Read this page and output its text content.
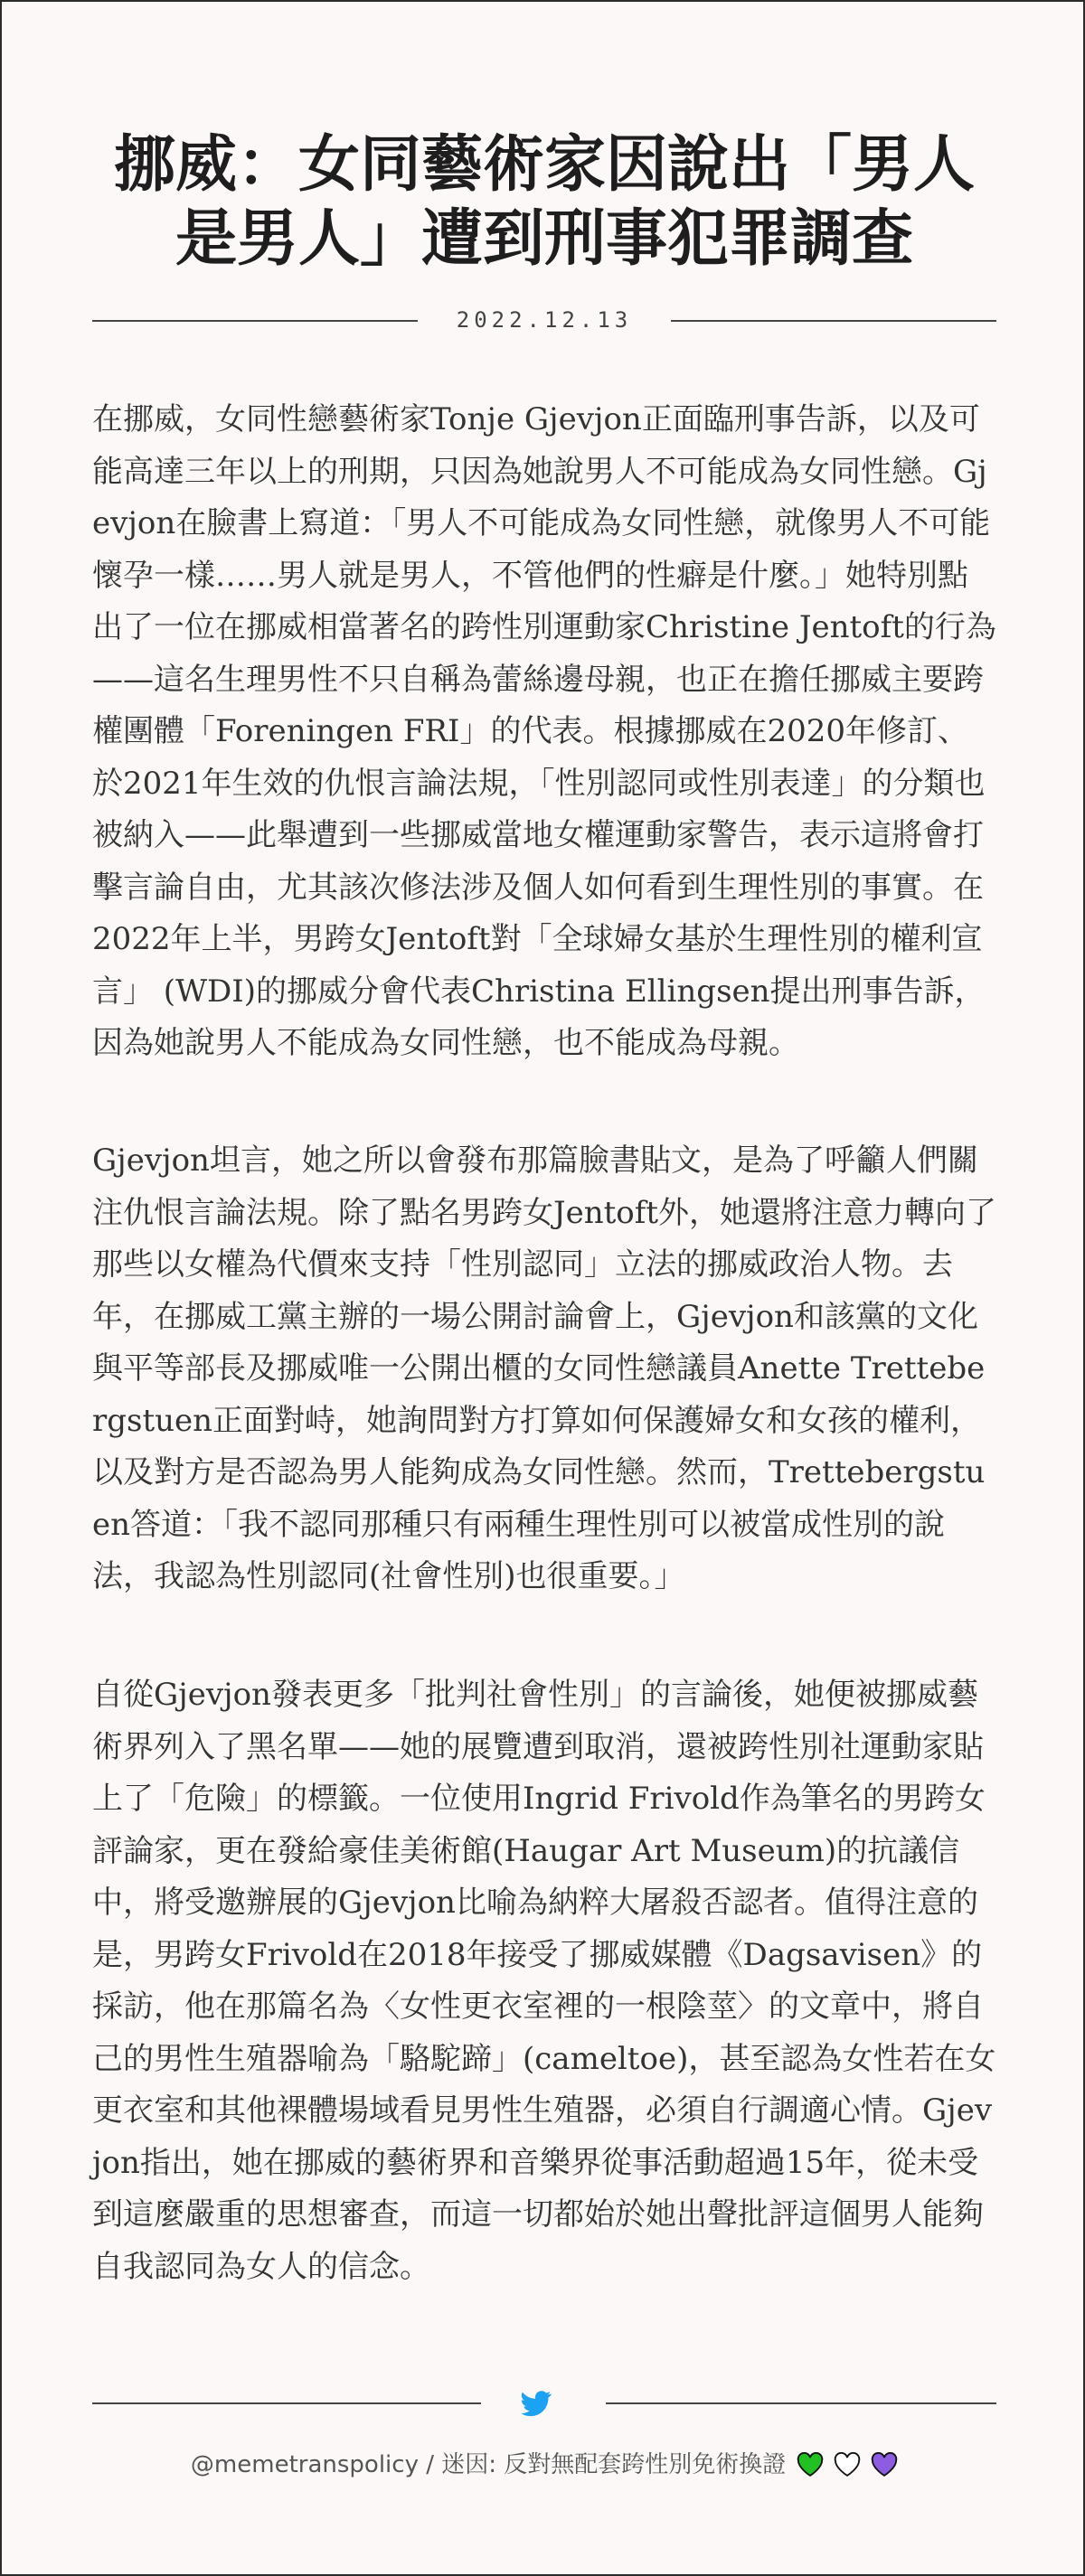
挪威：女同藝術家因說出「男人是男人」遭到刑事犯罪調查
2022.12.13

在挪威，女同性戀藝術家Tonje Gjevjon正面臨刑事告訴，以及可能高達三年以上的刑期，只因為她說男人不可能成為女同性戀。Gjevjon在臉書上寫道：「男人不可能成為女同性戀，就像男人不可能懷孕一樣……男人就是男人，不管他們的性癖是什麼。」她特別點出了一位在挪威相當著名的跨性別運動家Christine Jentoft的行為——這名生理男性不只自稱為蕾絲邊母親，也正在擔任挪威主要跨權團體「Foreningen FRI」的代表。根據挪威在2020年修訂、於2021年生效的仇恨言論法規，「性別認同或性別表達」的分類也被納入——此舉遭到一些挪威當地女權運動家警告，表示這將會打擊言論自由，尤其該次修法涉及個人如何看到生理性別的事實。在2022年上半，男跨女Jentoft對「全球婦女基於生理性別的權利宣言」 (WDI)的挪威分會代表Christina Ellingsen提出刑事告訴，因為她說男人不能成為女同性戀，也不能成為母親。

Gjevjon坦言，她之所以會發布那篇臉書貼文，是為了呼籲人們關注仇恨言論法規。除了點名男跨女Jentoft外，她還將注意力轉向了那些以女權為代價來支持「性別認同」立法的挪威政治人物。去年，在挪威工黨主辦的一場公開討論會上，Gjevjon和該黨的文化與平等部長及挪威唯一公開出櫃的女同性戀議員Anette Trettebergstuen正面對峙，她詢問對方打算如何保護婦女和女孩的權利，以及對方是否認為男人能夠成為女同性戀。然而，Trettebergstuen答道：「我不認同那種只有兩種生理性別可以被當成性別的說法，我認為性別認同(社會性別)也很重要。」

自從Gjevjon發表更多「批判社會性別」的言論後，她便被挪威藝術界列入了黑名單——她的展覽遭到取消，還被跨性別社運動家貼上了「危險」的標籤。一位使用Ingrid Frivold作為筆名的男跨女評論家，更在發給豪佳美術館(Haugar Art Museum)的抗議信中，將受邀辦展的Gjevjon比喻為納粹大屠殺否認者。值得注意的是，男跨女Frivold在2018年接受了挪威媒體《Dagsavisen》的採訪，他在那篇名為〈女性更衣室裡的一根陰莖〉的文章中，將自己的男性生殖器喻為「駱駝蹄」(cameltoe)，甚至認為女性若在女更衣室和其他裸體場域看見男性生殖器，必須自行調適心情。Gjevjon指出，她在挪威的藝術界和音樂界從事活動超過15年，從未受到這麼嚴重的思想審查，而這一切都始於她出聲批評這個男人能夠自我認同為女人的信念。

@memetranspolicy / 迷因: 反對無配套跨性別免術換證
